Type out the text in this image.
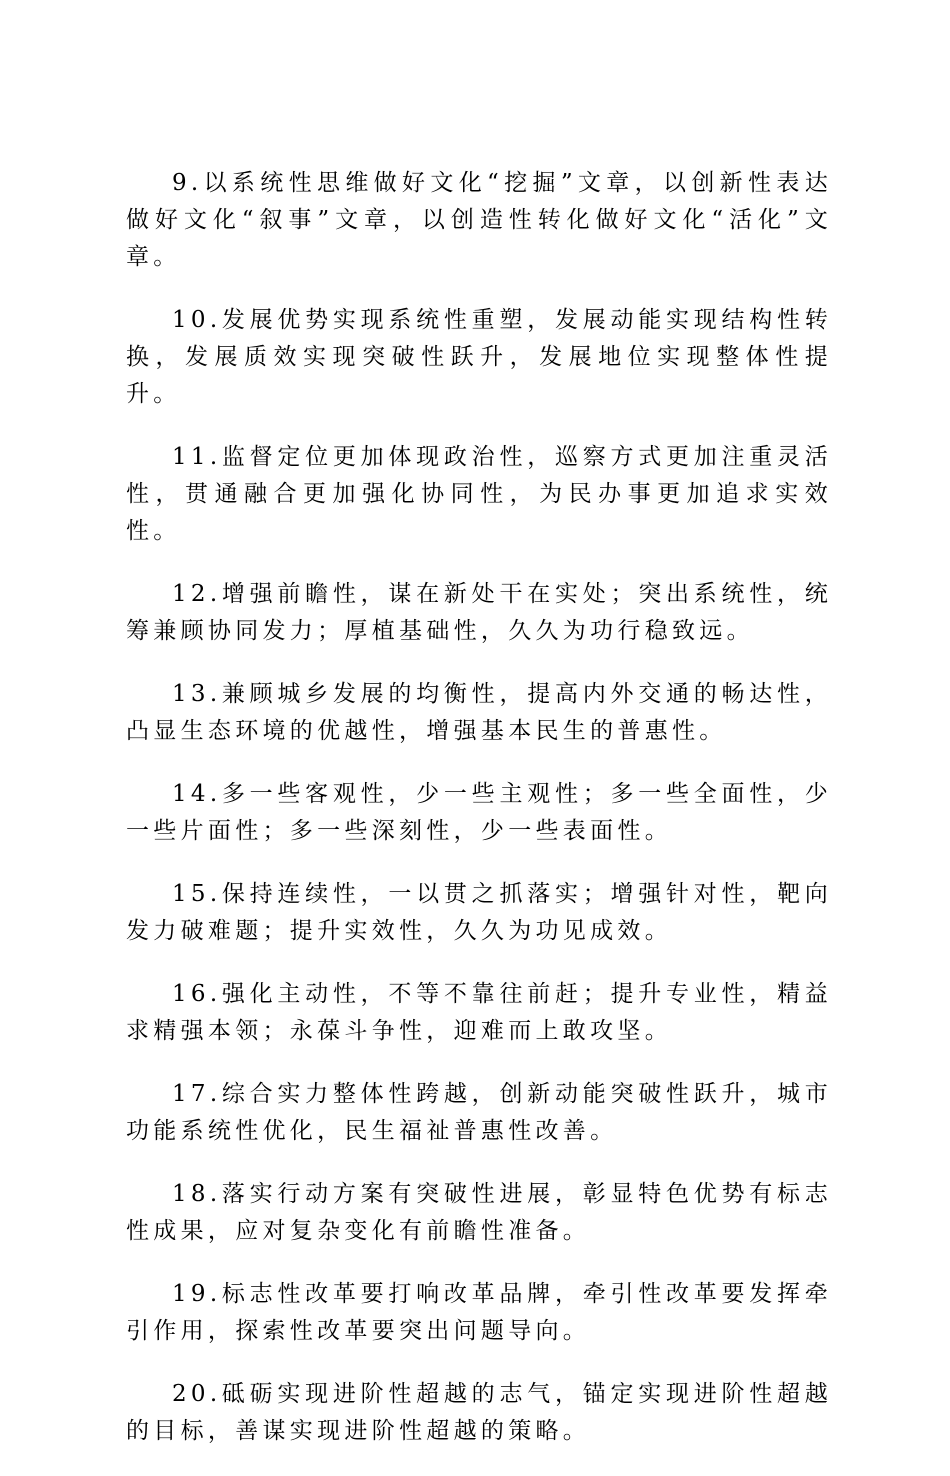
9.以系统性思维做好文化“挖掘”文章，以创新性表达做好文化“叙事”文章，以创造性转化做好文化“活化”文章。

10.发展优势实现系统性重塑，发展动能实现结构性转换，发展质效实现突破性跃升，发展地位实现整体性提升。

11.监督定位更加体现政治性，巡察方式更加注重灵活性，贯通融合更加强化协同性，为民办事更加追求实效性。

12.增强前瞻性，谋在新处干在实处；突出系统性，统筹兼顾协同发力；厚植基础性，久久为功行稳致远。

13.兼顾城乡发展的均衡性，提高内外交通的畅达性，凸显生态环境的优越性，增强基本民生的普惠性。

14.多一些客观性，少一些主观性；多一些全面性，少一些片面性；多一些深刻性，少一些表面性。

15.保持连续性，一以贯之抓落实；增强针对性，靶向发力破难题；提升实效性，久久为功见成效。

16.强化主动性，不等不靠往前赶；提升专业性，精益求精强本领；永葆斗争性，迎难而上敢攻坚。

17.综合实力整体性跨越，创新动能突破性跃升，城市功能系统性优化，民生福祉普惠性改善。

18.落实行动方案有突破性进展，彰显特色优势有标志性成果，应对复杂变化有前瞻性准备。

19.标志性改革要打响改革品牌，牵引性改革要发挥牵引作用，探索性改革要突出问题导向。

20.砥砺实现进阶性超越的志气，锚定实现进阶性超越的目标，善谋实现进阶性超越的策略。
